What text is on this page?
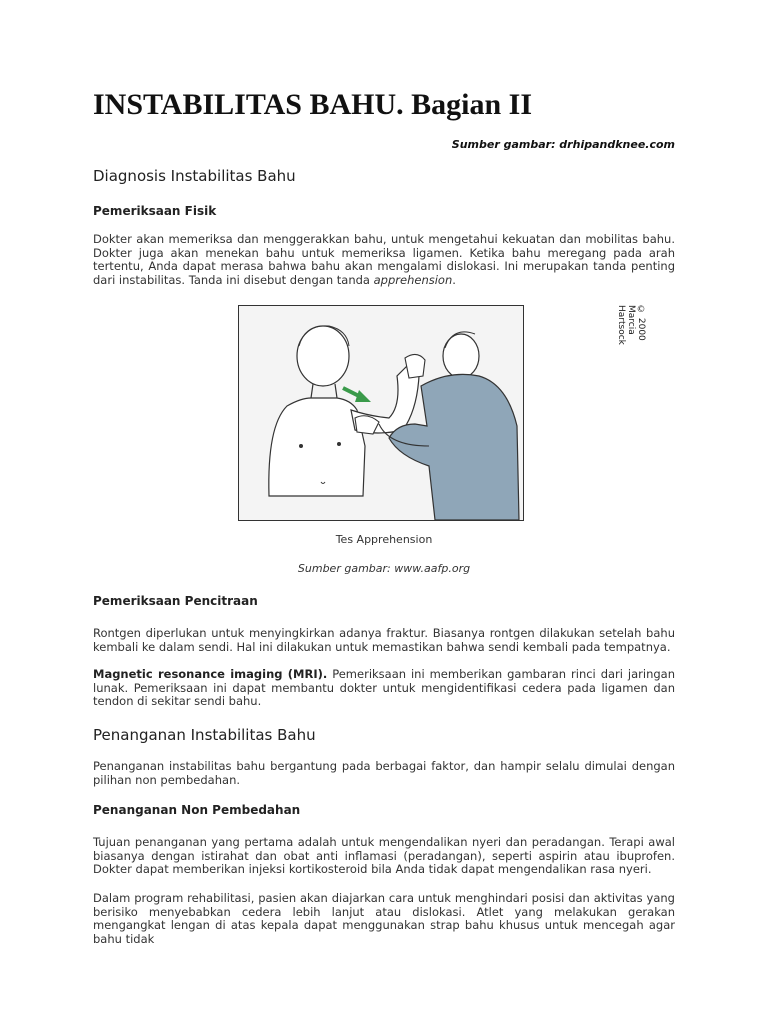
INSTABILITAS BAHU. Bagian II
Sumber gambar: drhipandknee.com
Diagnosis Instabilitas Bahu
Pemeriksaan Fisik

Dokter akan memeriksa dan menggerakkan bahu, untuk mengetahui kekuatan dan mobilitas bahu. Dokter juga akan menekan bahu untuk memeriksa ligamen. Ketika bahu meregang pada arah tertentu, Anda dapat merasa bahwa bahu akan mengalami dislokasi. Ini merupakan tanda penting dari instabilitas. Tanda ini disebut dengan tanda apprehension.

© 2000 Marcia Hartsock
Tes Apprehension
Sumber gambar: www.aafp.org
Pemeriksaan Pencitraan

Rontgen diperlukan untuk menyingkirkan adanya fraktur. Biasanya rontgen dilakukan setelah bahu kembali ke dalam sendi. Hal ini dilakukan untuk memastikan bahwa sendi kembali pada tempatnya.

Magnetic resonance imaging (MRI). Pemeriksaan ini memberikan gambaran rinci dari jaringan lunak. Pemeriksaan ini dapat membantu dokter untuk mengidentifikasi cedera pada ligamen dan tendon di sekitar sendi bahu.

Penanganan Instabilitas Bahu

Penanganan instabilitas bahu bergantung pada berbagai faktor, dan hampir selalu dimulai dengan pilihan non pembedahan.

Penanganan Non Pembedahan

Tujuan penanganan yang pertama adalah untuk mengendalikan nyeri dan peradangan. Terapi awal biasanya dengan istirahat dan obat anti inflamasi (peradangan), seperti aspirin atau ibuprofen. Dokter dapat memberikan injeksi kortikosteroid bila Anda tidak dapat mengendalikan rasa nyeri.

Dalam program rehabilitasi, pasien akan diajarkan cara untuk menghindari posisi dan aktivitas yang berisiko menyebabkan cedera lebih lanjut atau dislokasi. Atlet yang melakukan gerakan mengangkat lengan di atas kepala dapat menggunakan strap bahu khusus untuk mencegah agar bahu tidak
